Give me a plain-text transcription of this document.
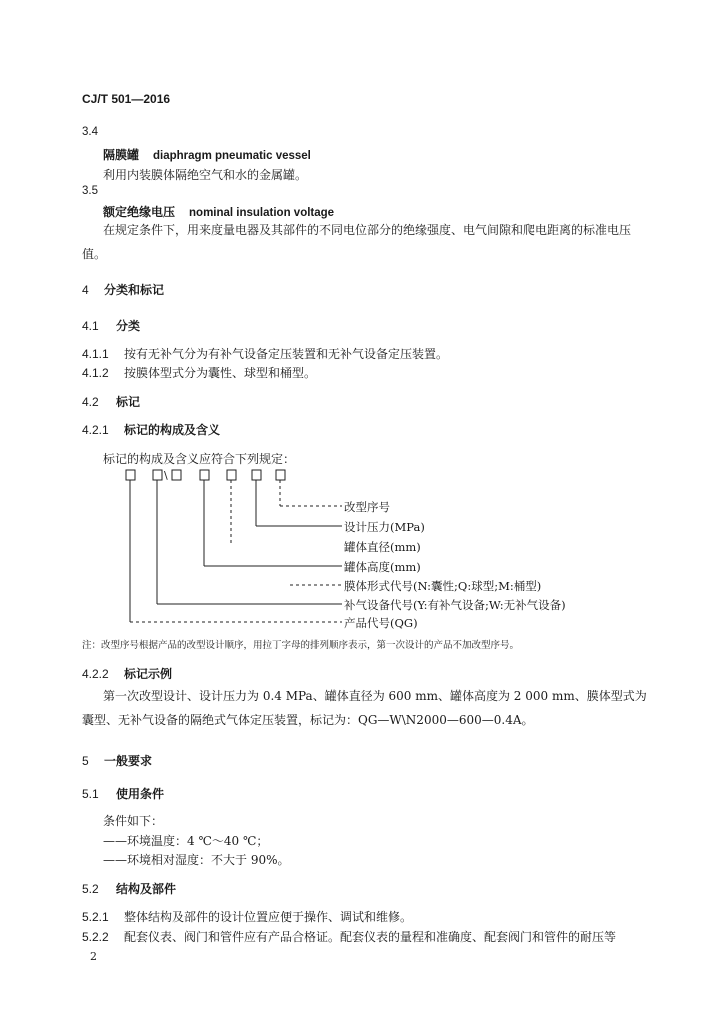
CJ/T 501—2016
3.4
隔膜罐 diaphragm pneumatic vessel
利用内装膜体隔绝空气和水的金属罐。
3.5
额定绝缘电压 nominal insulation voltage
在规定条件下，用来度量电器及其部件的不同电位部分的绝缘强度、电气间隙和爬电距离的标准电压值。
4 分类和标记
4.1 分类
4.1.1 按有无补气分为有补气设备定压装置和无补气设备定压装置。
4.1.2 按膜体型式分为囊性、球型和桶型。
4.2 标记
4.2.1 标记的构成及含义
标记的构成及含义应符合下列规定：
\
改型序号
设计压力(MPa)
罐体直径(mm)
罐体高度(mm)
膜体形式代号(N:囊性;Q:球型;M:桶型)
补气设备代号(Y:有补气设备;W:无补气设备)
产品代号(QG)
注：改型序号根据产品的改型设计顺序，用拉丁字母的排列顺序表示，第一次设计的产品不加改型序号。
4.2.2 标记示例
第一次改型设计、设计压力为 0.4 MPa、罐体直径为 600 mm、罐体高度为 2 000 mm、膜体型式为囊型、无补气设备的隔绝式气体定压装置，标记为：QG—W\N2000—600—0.4A。
5 一般要求
5.1 使用条件
条件如下：
——环境温度：4 ℃～40 ℃；
——环境相对湿度：不大于 90%。
5.2 结构及部件
5.2.1 整体结构及部件的设计位置应便于操作、调试和维修。
5.2.2 配套仪表、阀门和管件应有产品合格证。配套仪表的量程和准确度、配套阀门和管件的耐压等
2
